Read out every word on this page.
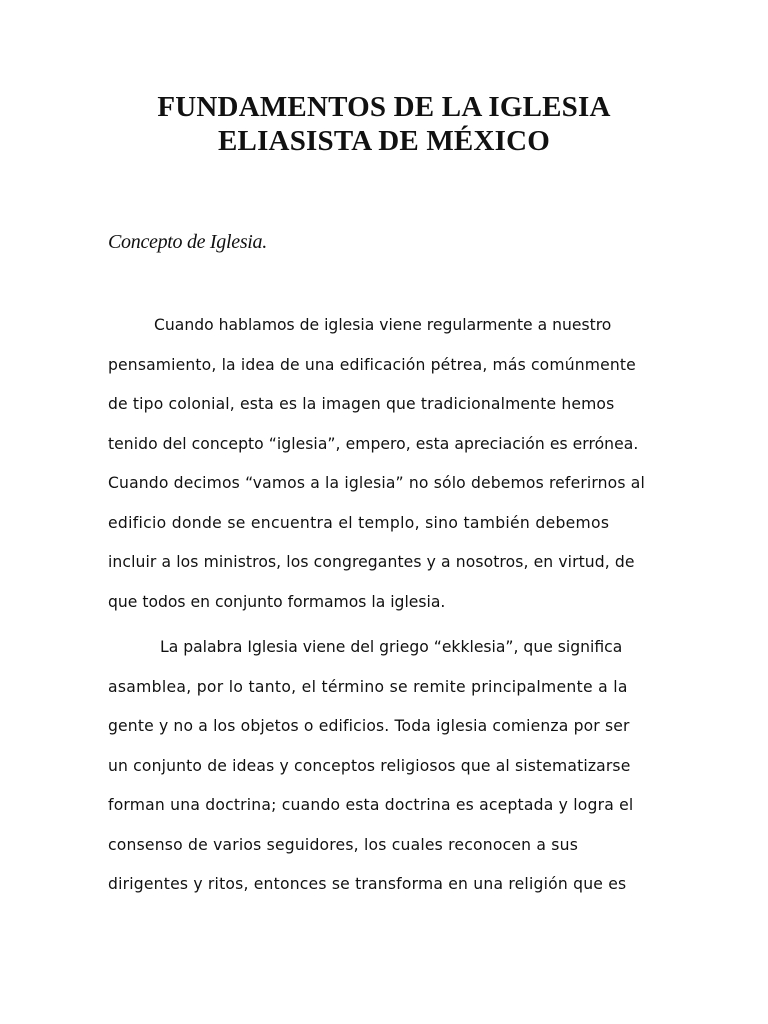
FUNDAMENTOS DE LA IGLESIA
ELIASISTA DE MÉXICO
Concepto de Iglesia.
Cuando hablamos de iglesia viene regularmente a nuestro
pensamiento, la idea de una edificación pétrea, más comúnmente
de tipo colonial, esta es la imagen que tradicionalmente hemos
tenido del concepto “iglesia”, empero, esta apreciación es errónea.
Cuando decimos “vamos a la iglesia” no sólo debemos referirnos al
edificio donde se encuentra el templo, sino también debemos
incluir a los ministros, los congregantes y a nosotros, en virtud, de
que todos en conjunto formamos la iglesia.
La palabra Iglesia viene del griego “ekklesia”, que significa
asamblea, por lo tanto, el término se remite principalmente a la
gente y no a los objetos o edificios. Toda iglesia comienza por ser
un conjunto de ideas y conceptos religiosos que al sistematizarse
forman una doctrina; cuando esta doctrina es aceptada y logra el
consenso de varios seguidores, los cuales reconocen a sus
dirigentes y ritos, entonces se transforma en una religión que es
